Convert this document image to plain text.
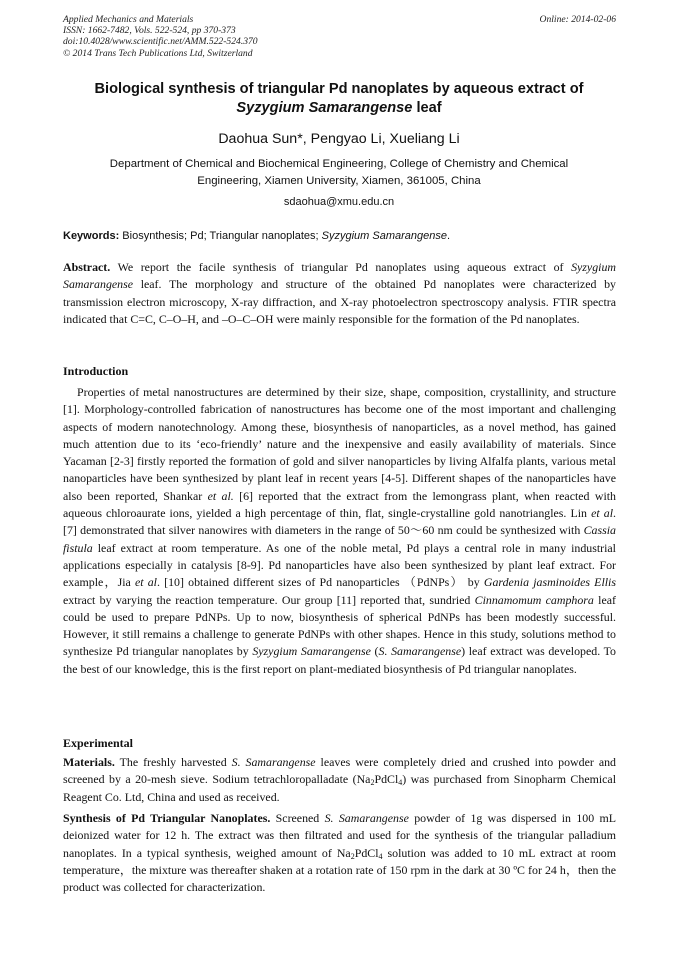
Applied Mechanics and Materials
ISSN: 1662-7482, Vols. 522-524, pp 370-373
doi:10.4028/www.scientific.net/AMM.522-524.370
© 2014 Trans Tech Publications Ltd, Switzerland
Online: 2014-02-06
Biological synthesis of triangular Pd nanoplates by aqueous extract of
Syzygium Samarangense leaf
Daohua Sun*, Pengyao Li, Xueliang Li
Department of Chemical and Biochemical Engineering, College of Chemistry and Chemical
Engineering, Xiamen University, Xiamen, 361005, China
sdaohua@xmu.edu.cn
Keywords: Biosynthesis; Pd; Triangular nanoplates; Syzygium Samarangense.
Abstract. We report the facile synthesis of triangular Pd nanoplates using aqueous extract of Syzygium Samarangense leaf. The morphology and structure of the obtained Pd nanoplates were characterized by transmission electron microscopy, X-ray diffraction, and X-ray photoelectron spectroscopy analysis. FTIR spectra indicated that C=C, C–O–H, and –O–C–OH were mainly responsible for the formation of the Pd nanoplates.
Introduction
Properties of metal nanostructures are determined by their size, shape, composition, crystallinity, and structure [1]. Morphology-controlled fabrication of nanostructures has become one of the most important and challenging aspects of modern nanotechnology. Among these, biosynthesis of nanoparticles, as a novel method, has gained much attention due to its ‘eco-friendly’ nature and the inexpensive and easily availability of materials. Since Yacaman [2-3] firstly reported the formation of gold and silver nanoparticles by living Alfalfa plants, various metal nanoparticles have been synthesized by plant leaf in recent years [4-5]. Different shapes of the nanoparticles have also been reported, Shankar et al. [6] reported that the extract from the lemongrass plant, when reacted with aqueous chloroaurate ions, yielded a high percentage of thin, flat, single-crystalline gold nanotriangles. Lin et al. [7] demonstrated that silver nanowires with diameters in the range of 50～60 nm could be synthesized with Cassia fistula leaf extract at room temperature. As one of the noble metal, Pd plays a central role in many industrial applications especially in catalysis [8-9]. Pd nanoparticles have also been synthesized by plant leaf extract. For example，Jia et al. [10] obtained different sizes of Pd nanoparticles （PdNPs） by Gardenia jasminoides Ellis extract by varying the reaction temperature. Our group [11] reported that, sundried Cinnamomum camphora leaf could be used to prepare PdNPs. Up to now, biosynthesis of spherical PdNPs has been modestly successful. However, it still remains a challenge to generate PdNPs with other shapes. Hence in this study, solutions method to synthesize Pd triangular nanoplates by Syzygium Samarangense (S. Samarangense) leaf extract was developed. To the best of our knowledge, this is the first report on plant-mediated biosynthesis of Pd triangular nanoplates.
Experimental
Materials. The freshly harvested S. Samarangense leaves were completely dried and crushed into powder and screened by a 20-mesh sieve. Sodium tetrachloropalladate $(Na_2PdCl_4)$ was purchased from Sinopharm Chemical Reagent Co. Ltd, China and used as received.
Synthesis of Pd Triangular Nanoplates. Screened S. Samarangense powder of 1g was dispersed in 100 mL deionized water for 12 h. The extract was then filtrated and used for the synthesis of the triangular palladium nanoplates. In a typical synthesis, weighed amount of $Na_2PdCl_4$ solution was added to 10 mL extract at room temperature，the mixture was thereafter shaken at a rotation rate of 150 rpm in the dark at 30 ºC for 24 h，then the product was collected for characterization.
